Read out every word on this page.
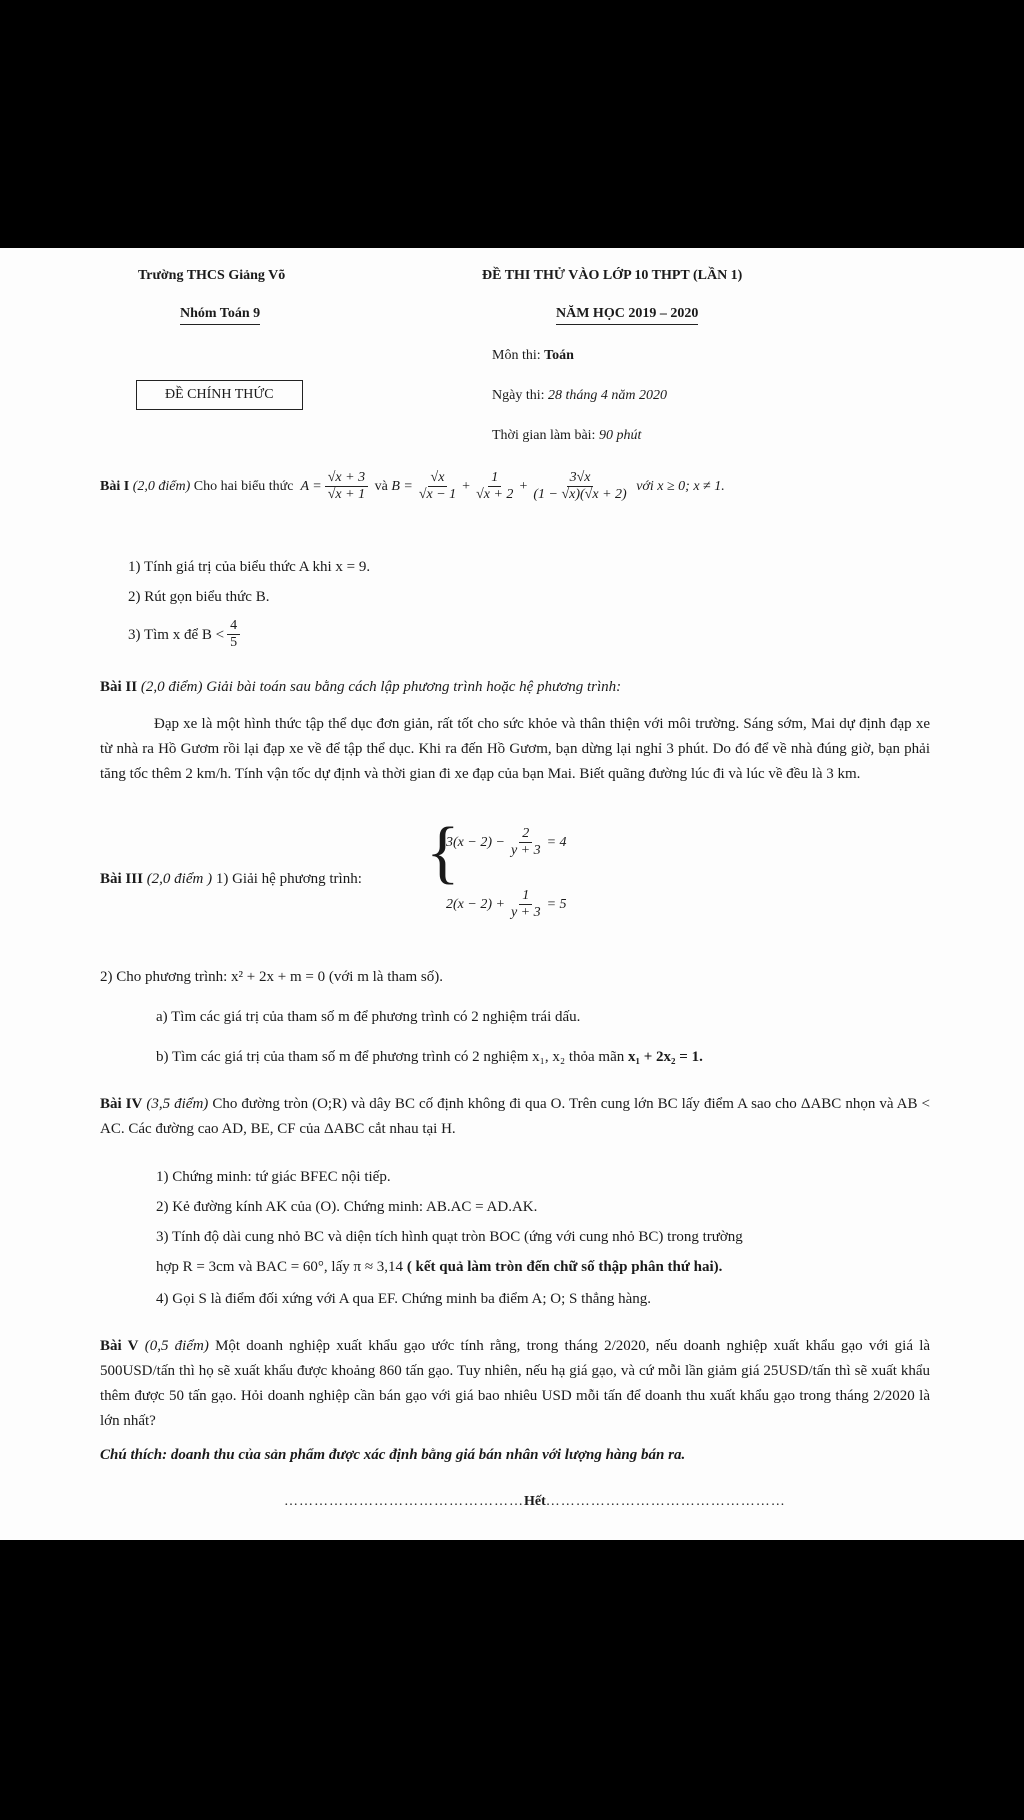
Trường THCS Giảng Võ
Nhóm Toán 9
ĐỀ CHÍNH THỨC
ĐỀ THI THỬ VÀO LỚP 10 THPT (LẦN 1)
NĂM HỌC 2019 – 2020
Môn thi: Toán
Ngày thi: 28 tháng 4 năm 2020
Thời gian làm bài: 90 phút
Bài I
(2,0 điểm)
Cho hai biểu thức
$A = \frac{√x + 3}{√x + 1}$
và
$B = \frac{√x}{√x - 1} + \frac{1}{√x + 2} + \frac{3√x}{(1 - √x)(√x + 2)}$
với x ≥ 0; x ≠ 1.
1) Tính giá trị của biểu thức A khi x = 9.
2) Rút gọn biểu thức B.
3) Tìm x để $B < \frac{4}{5}$
Bài II (2,0 điểm) Giải bài toán sau bằng cách lập phương trình hoặc hệ phương trình:
Đạp xe là một hình thức tập thể dục đơn giản, rất tốt cho sức khỏe và thân thiện với môi trường. Sáng sớm, Mai dự định đạp xe từ nhà ra Hồ Gươm rồi lại đạp xe về để tập thể dục. Khi ra đến Hồ Gươm, bạn dừng lại nghỉ 3 phút. Do đó để về nhà đúng giờ, bạn phải tăng tốc thêm 2 km/h. Tính vận tốc dự định và thời gian đi xe đạp của bạn Mai. Biết quãng đường lúc đi và lúc về đều là 3 km.
Bài III (2,0 điểm ) 1) Giải hệ phương trình: {
$3(x - 2) - \frac{2}{y + 3} = 4$
$2(x - 2) + \frac{1}{y + 3} = 5$
2) Cho phương trình: x² + 2x + m = 0 (với m là tham số).
a) Tìm các giá trị của tham số m để phương trình có 2 nghiệm trái dấu.
b) Tìm các giá trị của tham số m để phương trình có 2 nghiệm x₁, x₂ thỏa mãn x₁ + 2x₂ = 1.
Bài IV (3,5 điểm) Cho đường tròn (O;R) và dây BC cố định không đi qua O. Trên cung lớn BC lấy điểm A sao cho ΔABC nhọn và AB < AC. Các đường cao AD, BE, CF của ΔABC cắt nhau tại H.
1) Chứng minh: tứ giác BFEC nội tiếp.
2) Kẻ đường kính AK của (O). Chứng minh: AB.AC = AD.AK.
3) Tính độ dài cung nhỏ BC và diện tích hình quạt tròn BOC (ứng với cung nhỏ BC) trong trường
hợp R = 3cm và BAC = 60°, lấy π ≈ 3,14 ( kết quả làm tròn đến chữ số thập phân thứ hai).
4) Gọi S là điểm đối xứng với A qua EF. Chứng minh ba điểm A; O; S thẳng hàng.
Bài V (0,5 điểm) Một doanh nghiệp xuất khẩu gạo ước tính rằng, trong tháng 2/2020, nếu doanh nghiệp xuất khẩu gạo với giá là 500USD/tấn thì họ sẽ xuất khẩu được khoảng 860 tấn gạo. Tuy nhiên, nếu hạ giá gạo, và cứ mỗi lần giảm giá 25USD/tấn thì sẽ xuất khẩu thêm được 50 tấn gạo. Hỏi doanh nghiệp cần bán gạo với giá bao nhiêu USD mỗi tấn để doanh thu xuất khẩu gạo trong tháng 2/2020 là lớn nhất?
Chú thích: doanh thu của sản phẩm được xác định bằng giá bán nhân với lượng hàng bán ra.
…………………………………………Hết…………………………………………
